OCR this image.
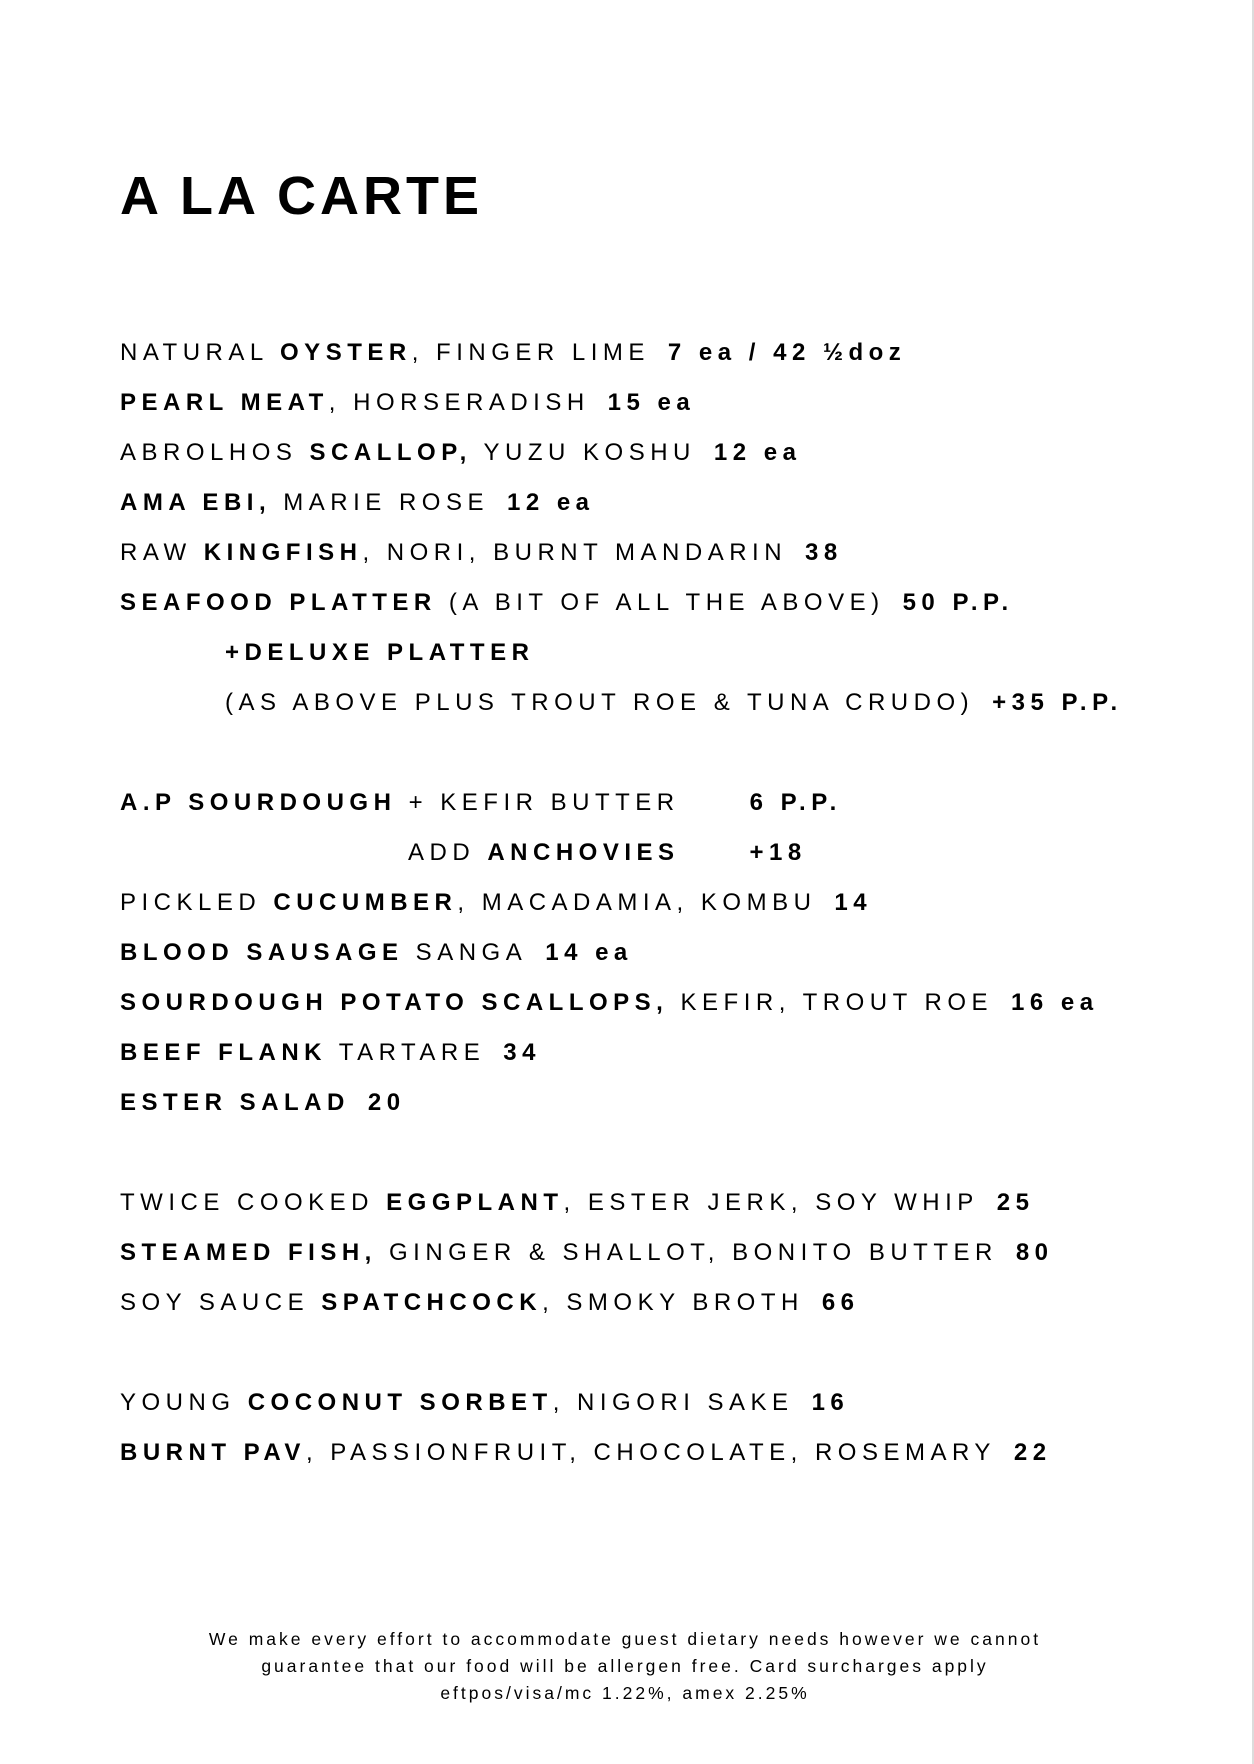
A LA CARTE
NATURAL OYSTER, FINGER LIME 7 ea / 42 ½doz
PEARL MEAT, HORSERADISH 15 ea
ABROLHOS SCALLOP, YUZU KOSHU 12 ea
AMA EBI, MARIE ROSE 12 ea
RAW KINGFISH, NORI, BURNT MANDARIN 38
SEAFOOD PLATTER (A BIT OF ALL THE ABOVE) 50 P.P.
+DELUXE PLATTER
(AS ABOVE PLUS TROUT ROE & TUNA CRUDO) +35 P.P.
A.P SOURDOUGH + KEFIR BUTTER	6 P.P.
ADD ANCHOVIES	+18
PICKLED CUCUMBER, MACADAMIA, KOMBU 14
BLOOD SAUSAGE SANGA 14 ea
SOURDOUGH POTATO SCALLOPS, KEFIR, TROUT ROE 16 ea
BEEF FLANK TARTARE 34
ESTER SALAD 20
TWICE COOKED EGGPLANT, ESTER JERK, SOY WHIP 25
STEAMED FISH, GINGER & SHALLOT, BONITO BUTTER 80
SOY SAUCE SPATCHCOCK, SMOKY BROTH 66
YOUNG COCONUT SORBET, NIGORI SAKE 16
BURNT PAV, PASSIONFRUIT, CHOCOLATE, ROSEMARY 22
We make every effort to accommodate guest dietary needs however we cannot
guarantee that our food will be allergen free. Card surcharges apply
eftpos/visa/mc 1.22%, amex 2.25%
